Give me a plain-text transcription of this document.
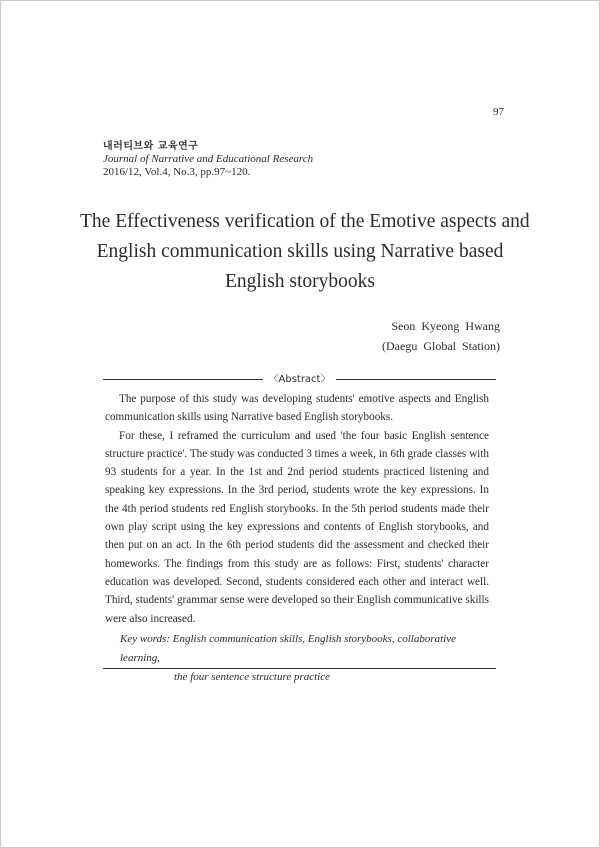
97
내러티브와 교육연구
Journal of Narrative and Educational Research
2016/12, Vol.4, No.3, pp.97~120.
The Effectiveness verification of the Emotive aspects and
English communication skills using Narrative based
English storybooks
Seon Kyeong Hwang
(Daegu Global Station)
〈Abstract〉

The purpose of this study was developing students' emotive aspects and English communication skills using Narrative based English storybooks.

For these, I reframed the curriculum and used 'the four basic English sentence structure practice'. The study was conducted 3 times a week, in 6th grade classes with 93 students for a year. In the 1st and 2nd period students practiced listening and speaking key expressions. In the 3rd period, students wrote the key expressions. In the 4th period students red English storybooks. In the 5th period students made their own play script using the key expressions and contents of English storybooks, and then put on an act. In the 6th period students did the assessment and checked their homeworks. The findings from this study are as follows: First, students' character education was developed. Second, students considered each other and interact well. Third, students' grammar sense were developed so their English communicative skills were also increased.

Key words: English communication skills, English storybooks, collaborative learning,
the four sentence structure practice
